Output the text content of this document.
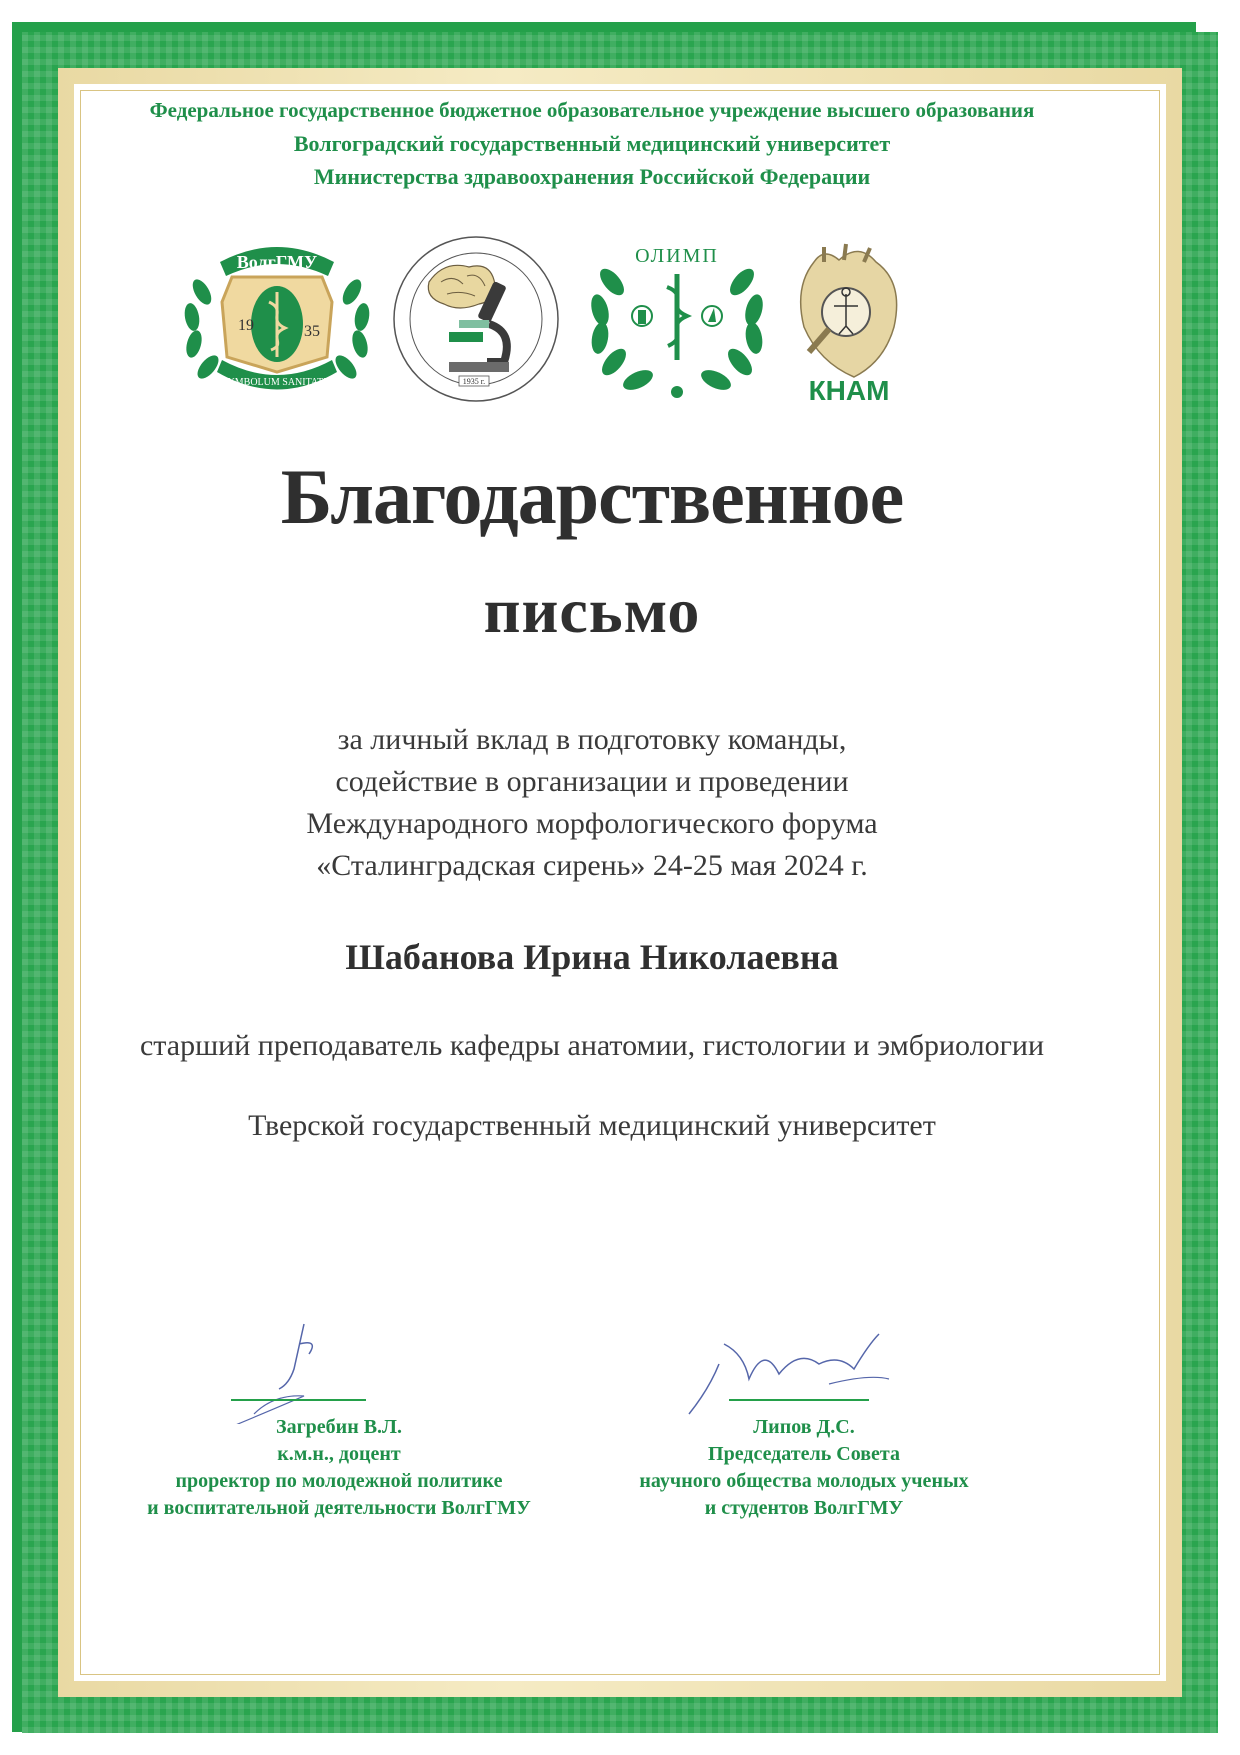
Федеральное государственное бюджетное образовательное учреждение высшего образования

Волгоградский государственный медицинский университет

Министерства здравоохранения Российской Федерации

19	35
ВолгГМУ
SYMBOLUM SANITATIS	1935 г.
ОЛИМП
КНАМ

Благодарственное

письмо

за личный вклад в подготовку команды,
содействие в организации и проведении
Международного морфологического форума
«Сталинградская сирень» 24-25 мая 2024 г.
Шабанова Ирина Николаевна
старший преподаватель кафедры анатомии, гистологии и эмбриологии
Тверской государственный медицинский университет
Загребин В.Л.
к.м.н., доцент
проректор по молодежной политике
и воспитательной деятельности ВолгГМУ
Липов Д.С.
Председатель Совета
научного общества молодых ученых
и студентов ВолгГМУ
